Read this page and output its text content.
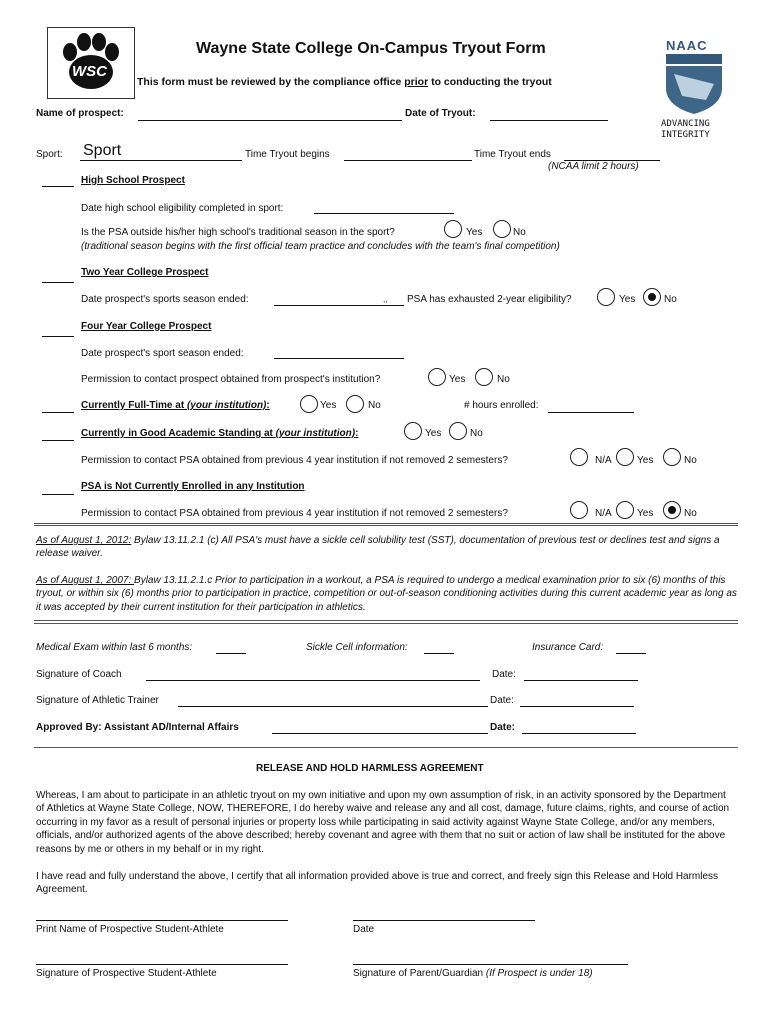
WSC
Wayne State College On-Campus Tryout Form
This form must be reviewed by the compliance office prior to conducting the tryout
NAAC
ADVANCING
INTEGRITY
Name of prospect:	Date of Tryout:
Sport: Sport	Time Tryout begins	Time Tryout ends
(NCAA limit 2 hours)
High School Prospect
Date high school eligibility completed in sport:
Is the PSA outside his/her high school's traditional season in the sport?	Yes	No
(traditional season begins with the first official team practice and concludes with the team's final competition)
Two Year College Prospect
Date prospect's sports season ended:	,, PSA has exhausted 2-year eligibility?	Yes	No
Four Year College Prospect
Date prospect's sport season ended:
Permission to contact prospect obtained from prospect's institution?	Yes	No
Currently Full-Time at (your institution):	Yes	No	# hours enrolled:
Currently in Good Academic Standing at (your institution):	Yes	No
Permission to contact PSA obtained from previous 4 year institution if not removed 2 semesters?	N/A	Yes	No
PSA is Not Currently Enrolled in any Institution
Permission to contact PSA obtained from previous 4 year institution if not removed 2 semesters?	N/A	Yes	No
As of August 1, 2012: Bylaw 13.11.2.1 (c) All PSA's must have a sickle cell solubility test (SST), documentation of previous test or declines test and signs a release waiver.
As of August 1, 2007: Bylaw 13.11.2.1.c Prior to participation in a workout, a PSA is required to undergo a medical examination prior to six (6) months of this tryout, or within six (6) months prior to participation in practice, competition or out-of-season conditioning activities during this current academic year as long as it was accepted by their current institution for their participation in athletics.
Medical Exam within last 6 months:	Sickle Cell information:	Insurance Card:
Signature of Coach	Date:
Signature of Athletic Trainer	Date:
Approved By: Assistant AD/Internal Affairs	Date:
RELEASE AND HOLD HARMLESS AGREEMENT
Whereas, I am about to participate in an athletic tryout on my own initiative and upon my own assumption of risk, in an activity sponsored by the Department of Athletics at Wayne State College, NOW, THEREFORE, I do hereby waive and release any and all cost, damage, future claims, rights, and course of action occurring in my favor as a result of personal injuries or property loss while participating in said activity against Wayne State College, and/or any members, officials, and/or authorized agents of the above described; hereby covenant and agree with them that no suit or action of law shall be instituted for the above reasons by me or others in my behalf or in my right.
I have read and fully understand the above, I certify that all information provided above is true and correct, and freely sign this Release and Hold Harmless Agreement.
Print Name of Prospective Student-Athlete	Date
Signature of Prospective Student-Athlete	Signature of Parent/Guardian (If Prospect is under 18)
